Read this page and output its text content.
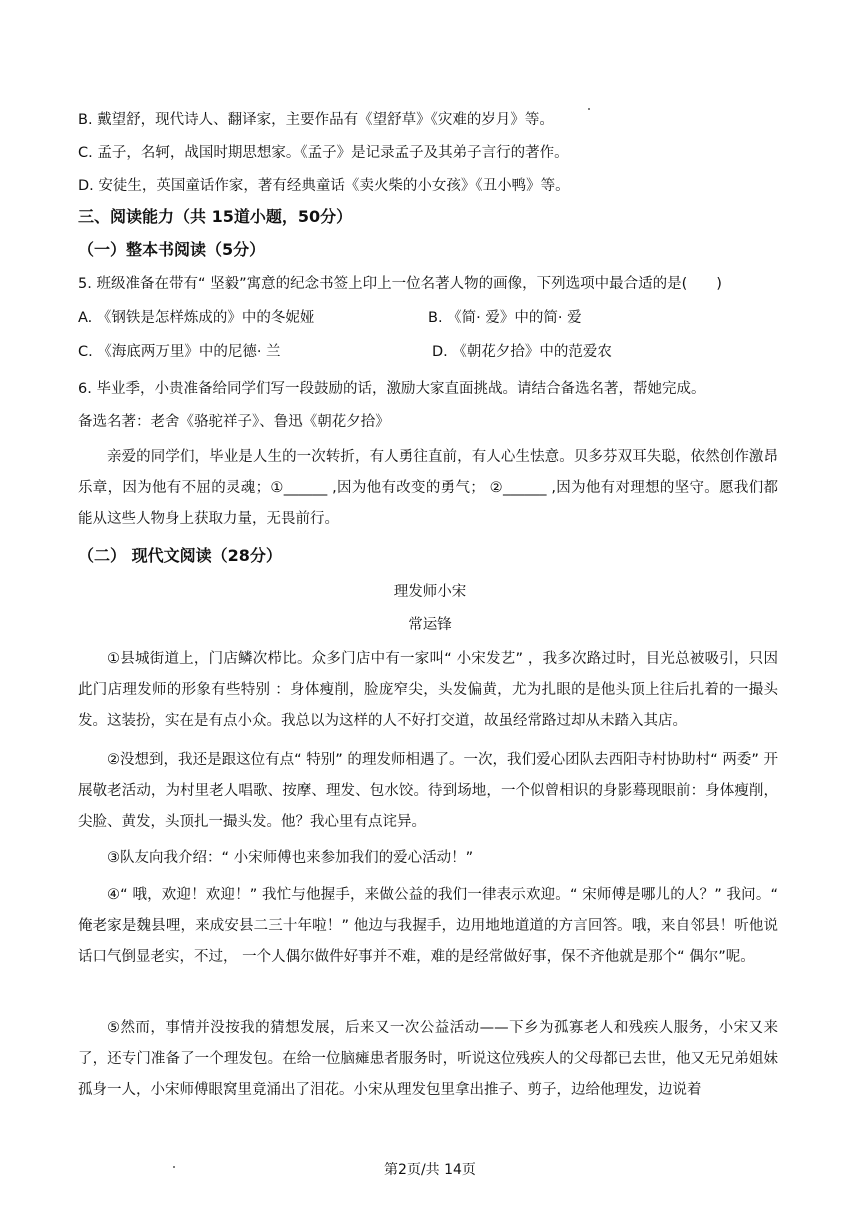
B. 戴望舒，现代诗人、翻译家，主要作品有《望舒草》《灾难的岁月》等。
C. 孟子，名轲，战国时期思想家。《孟子》是记录孟子及其弟子言行的著作。
D. 安徒生，英国童话作家，著有经典童话《卖火柴的小女孩》《丑小鸭》等。
三、阅读能力（共 15道小题，50分）
（一）整本书阅读（5分）
5. 班级准备在带有“ 坚毅”寓意的纪念书签上印上一位名著人物的画像，下列选项中最合适的是(　　)
A. 《钢铁是怎样炼成的》中的冬妮娅	B. 《简· 爱》中的简· 爱
C. 《海底两万里》中的尼德· 兰	D. 《朝花夕拾》中的范爱农
6. 毕业季，小贵准备给同学们写一段鼓励的话，激励大家直面挑战。请结合备选名著，帮她完成。
备选名著：老舍《骆驼祥子》、鲁迅《朝花夕拾》

亲爱的同学们，毕业是人生的一次转折，有人勇往直前，有人心生怯意。贝多芬双耳失聪，依然创作激昂乐章，因为他有不屈的灵魂；①______ ,因为他有改变的勇气； ②______ ,因为他有对理想的坚守。愿我们都能从这些人物身上获取力量，无畏前行。

（二） 现代文阅读（28分）
理发师小宋
常运锋

①县城街道上，门店鳞次栉比。众多门店中有一家叫“ 小宋发艺” ，我多次路过时，目光总被吸引，只因此门店理发师的形象有些特别 ：身体瘦削，脸庞窄尖，头发偏黄，尤为扎眼的是他头顶上往后扎着的一撮头发。这装扮，实在是有点小众。我总以为这样的人不好打交道，故虽经常路过却从未踏入其店。

②没想到，我还是跟这位有点“ 特别” 的理发师相遇了。一次，我们爱心团队去西阳寺村协助村“ 两委” 开展敬老活动，为村里老人唱歌、按摩、理发、包水饺。待到场地，一个似曾相识的身影蓦现眼前：身体瘦削，尖脸、黄发，头顶扎一撮头发。他？我心里有点诧异。

③队友向我介绍：“ 小宋师傅也来参加我们的爱心活动！”

④“ 哦，欢迎！欢迎！” 我忙与他握手，来做公益的我们一律表示欢迎。“ 宋师傅是哪儿的人？” 我问。“ 俺老家是魏县哩，来成安县二三十年啦！” 他边与我握手，边用地地道道的方言回答。哦，来自邻县！听他说话口气倒显老实，不过， 一个人偶尔做件好事并不难，难的是经常做好事，保不齐他就是那个“ 偶尔”呢。

⑤然而，事情并没按我的猜想发展，后来又一次公益活动——下乡为孤寡老人和残疾人服务，小宋又来了，还专门准备了一个理发包。在给一位脑瘫患者服务时，听说这位残疾人的父母都已去世，他又无兄弟姐妹孤身一人，小宋师傅眼窝里竟涌出了泪花。小宋从理发包里拿出推子、剪子，边给他理发，边说着

第2页/共 14页
